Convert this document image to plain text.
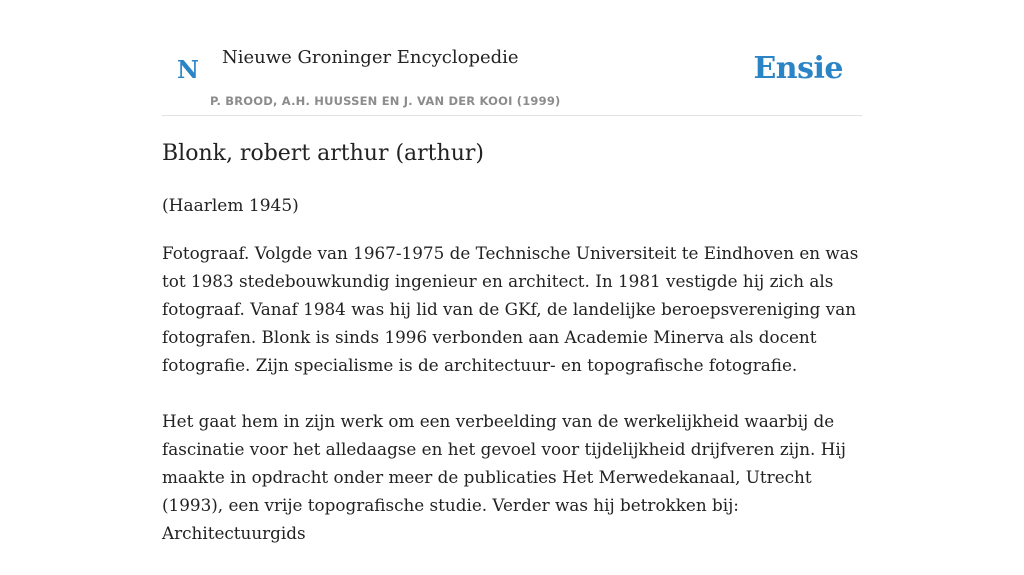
N Nieuwe Groninger Encyclopedie
P. BROOD, A.H. HUUSSEN EN J. VAN DER KOOI (1999)
Ensie
Blonk, robert arthur (arthur)

(Haarlem 1945)

Fotograaf. Volgde van 1967-1975 de Technische Universiteit te Eindhoven en was tot 1983 stedebouwkundig ingenieur en architect. In 1981 vestigde hij zich als fotograaf. Vanaf 1984 was hij lid van de GKf, de landelijke beroepsvereniging van fotografen. Blonk is sinds 1996 verbonden aan Academie Minerva als docent fotografie. Zijn specialisme is de architectuur- en topografische fotografie.

Het gaat hem in zijn werk om een verbeelding van de werkelijkheid waarbij de fascinatie voor het alledaagse en het gevoel voor tijdelijkheid drijfveren zijn. Hij maakte in opdracht onder meer de publicaties Het Merwedekanaal, Utrecht (1993), een vrije topografische studie. Verder was hij betrokken bij: Architectuurgids
